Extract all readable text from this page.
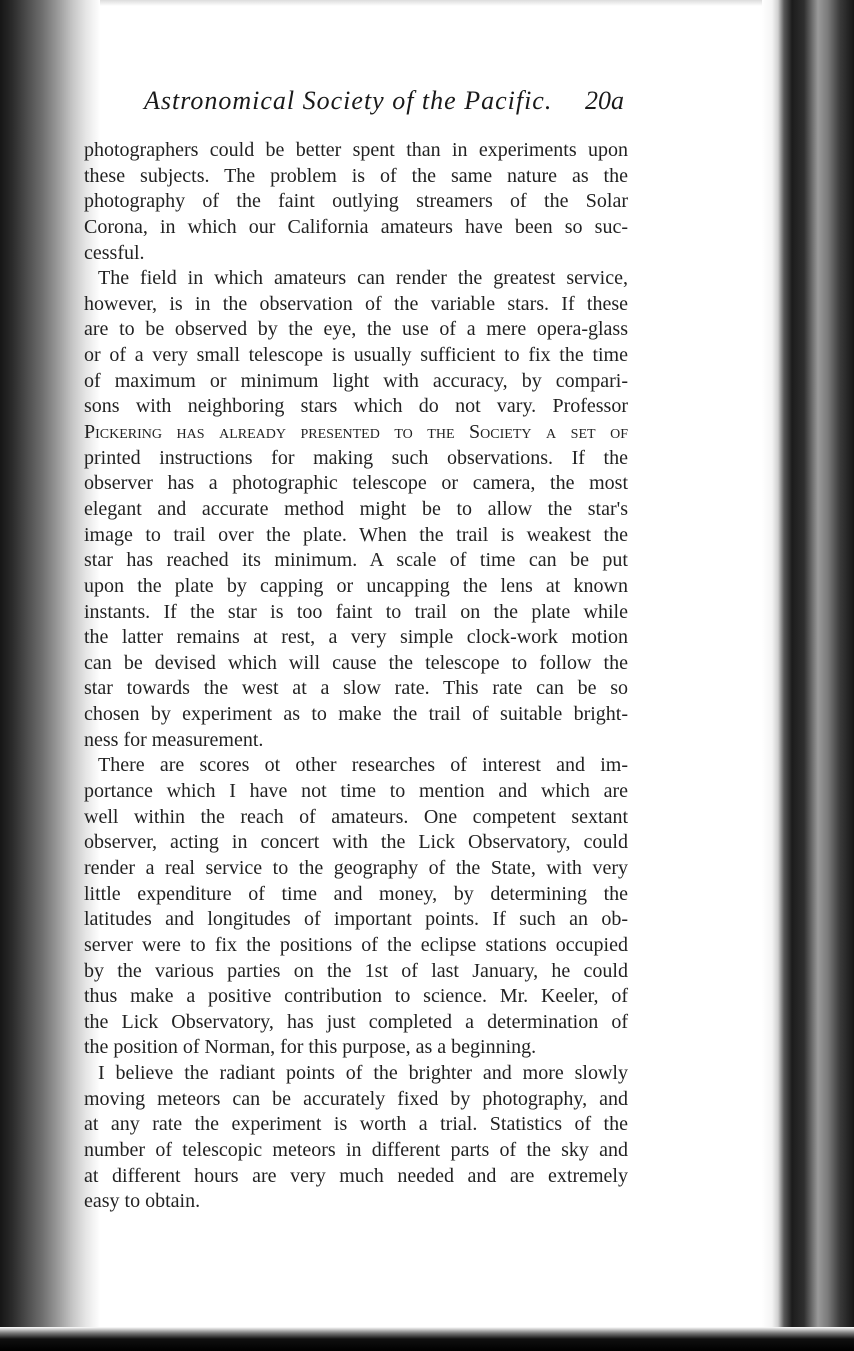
Astronomical Society of the Pacific. 20a
photographers could be better spent than in experiments upon
these subjects. The problem is of the same nature as the
photography of the faint outlying streamers of the Solar
Corona, in which our California amateurs have been so suc-
cessful.
The field in which amateurs can render the greatest service,
however, is in the observation of the variable stars. If these
are to be observed by the eye, the use of a mere opera-glass
or of a very small telescope is usually sufficient to fix the time
of maximum or minimum light with accuracy, by compari-
sons with neighboring stars which do not vary. Professor
Pickering has already presented to the Society a set of
printed instructions for making such observations. If the
observer has a photographic telescope or camera, the most
elegant and accurate method might be to allow the star's
image to trail over the plate. When the trail is weakest the
star has reached its minimum. A scale of time can be put
upon the plate by capping or uncapping the lens at known
instants. If the star is too faint to trail on the plate while
the latter remains at rest, a very simple clock-work motion
can be devised which will cause the telescope to follow the
star towards the west at a slow rate. This rate can be so
chosen by experiment as to make the trail of suitable bright-
ness for measurement.
There are scores ot other researches of interest and im-
portance which I have not time to mention and which are
well within the reach of amateurs. One competent sextant
observer, acting in concert with the Lick Observatory, could
render a real service to the geography of the State, with very
little expenditure of time and money, by determining the
latitudes and longitudes of important points. If such an ob-
server were to fix the positions of the eclipse stations occupied
by the various parties on the 1st of last January, he could
thus make a positive contribution to science. Mr. Keeler, of
the Lick Observatory, has just completed a determination of
the position of Norman, for this purpose, as a beginning.
I believe the radiant points of the brighter and more slowly
moving meteors can be accurately fixed by photography, and
at any rate the experiment is worth a trial. Statistics of the
number of telescopic meteors in different parts of the sky and
at different hours are very much needed and are extremely
easy to obtain.
